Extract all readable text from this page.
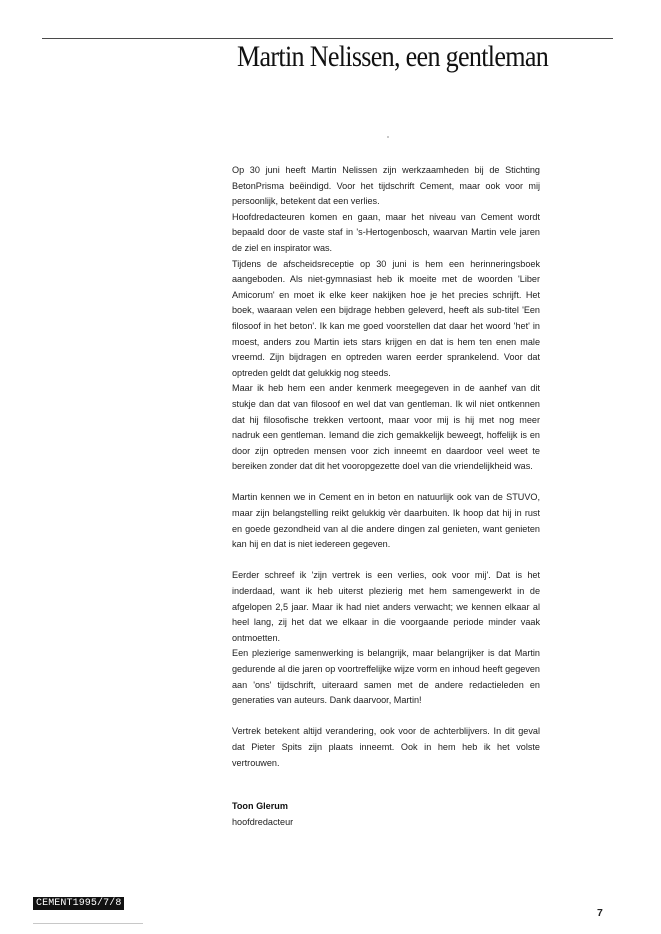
Martin Nelissen, een gentleman

Op 30 juni heeft Martin Nelissen zijn werkzaamheden bij de Stichting BetonPrisma beëindigd. Voor het tijdschrift Cement, maar ook voor mij persoonlijk, betekent dat een verlies.

Hoofdredacteuren komen en gaan, maar het niveau van Cement wordt bepaald door de vaste staf in 's-Hertogenbosch, waarvan Martin vele jaren de ziel en inspirator was.

Tijdens de afscheidsreceptie op 30 juni is hem een herinneringsboek aangeboden. Als niet-gymnasiast heb ik moeite met de woorden 'Liber Amicorum' en moet ik elke keer nakijken hoe je het precies schrijft. Het boek, waaraan velen een bijdrage hebben geleverd, heeft als sub-titel 'Een filosoof in het beton'. Ik kan me goed voorstellen dat daar het woord 'het' in moest, anders zou Martin iets stars krijgen en dat is hem ten enen male vreemd. Zijn bijdragen en optreden waren eerder sprankelend. Voor dat optreden geldt dat gelukkig nog steeds.

Maar ik heb hem een ander kenmerk meegegeven in de aanhef van dit stukje dan dat van filosoof en wel dat van gentleman. Ik wil niet ontkennen dat hij filosofische trekken vertoont, maar voor mij is hij met nog meer nadruk een gentleman. Iemand die zich gemakkelijk beweegt, hoffelijk is en door zijn optreden mensen voor zich inneemt en daardoor veel weet te bereiken zonder dat dit het vooropgezette doel van die vriendelijkheid was.

Martin kennen we in Cement en in beton en natuurlijk ook van de STUVO, maar zijn belangstelling reikt gelukkig vèr daarbuiten. Ik hoop dat hij in rust en goede gezondheid van al die andere dingen zal genieten, want genieten kan hij en dat is niet iedereen gegeven.

Eerder schreef ik 'zijn vertrek is een verlies, ook voor mij'. Dat is het inderdaad, want ik heb uiterst plezierig met hem samengewerkt in de afgelopen 2,5 jaar. Maar ik had niet anders verwacht; we kennen elkaar al heel lang, zij het dat we elkaar in die voorgaande periode minder vaak ontmoetten.

Een plezierige samenwerking is belangrijk, maar belangrijker is dat Martin gedurende al die jaren op voortreffelijke wijze vorm en inhoud heeft gegeven aan 'ons' tijdschrift, uiteraard samen met de andere redactieleden en generaties van auteurs. Dank daarvoor, Martin!

Vertrek betekent altijd verandering, ook voor de achterblijvers. In dit geval dat Pieter Spits zijn plaats inneemt. Ook in hem heb ik het volste vertrouwen.

Toon Glerum
hoofdredacteur
CEMENT1995/7/8
7
